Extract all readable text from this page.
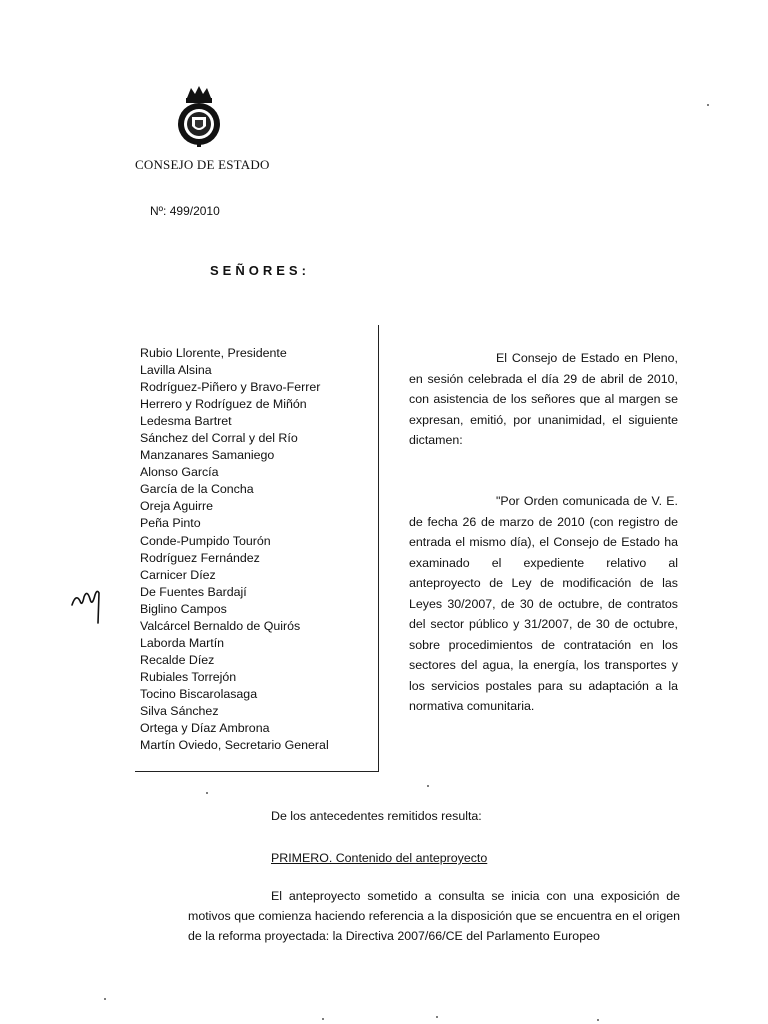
CONSEJO DE ESTADO
Nº: 499/2010
SEÑORES:
Rubio Llorente, Presidente
Lavilla Alsina
Rodríguez-Piñero y Bravo-Ferrer
Herrero y Rodríguez de Miñón
Ledesma Bartret
Sánchez del Corral y del Río
Manzanares Samaniego
Alonso García
García de la Concha
Oreja Aguirre
Peña Pinto
Conde-Pumpido Tourón
Rodríguez Fernández
Carnicer Díez
De Fuentes Bardají
Biglino Campos
Valcárcel Bernaldo de Quirós
Laborda Martín
Recalde Díez
Rubiales Torrejón
Tocino Biscarolasaga
Silva Sánchez
Ortega y Díaz Ambrona
Martín Oviedo, Secretario General

El Consejo de Estado en Pleno, en sesión celebrada el día 29 de abril de 2010, con asistencia de los señores que al margen se expresan, emitió, por unanimidad, el siguiente dictamen:

"Por Orden comunicada de V. E. de fecha 26 de marzo de 2010 (con registro de entrada el mismo día), el Consejo de Estado ha examinado el expediente relativo al anteproyecto de Ley de modificación de las Leyes 30/2007, de 30 de octubre, de contratos del sector público y 31/2007, de 30 de octubre, sobre procedimientos de contratación en los sectores del agua, la energía, los transportes y los servicios postales para su adaptación a la normativa comunitaria.

De los antecedentes remitidos resulta:

PRIMERO. Contenido del anteproyecto

El anteproyecto sometido a consulta se inicia con una exposición de motivos que comienza haciendo referencia a la disposición que se encuentra en el origen de la reforma proyectada: la Directiva 2007/66/CE del Parlamento Europeo
